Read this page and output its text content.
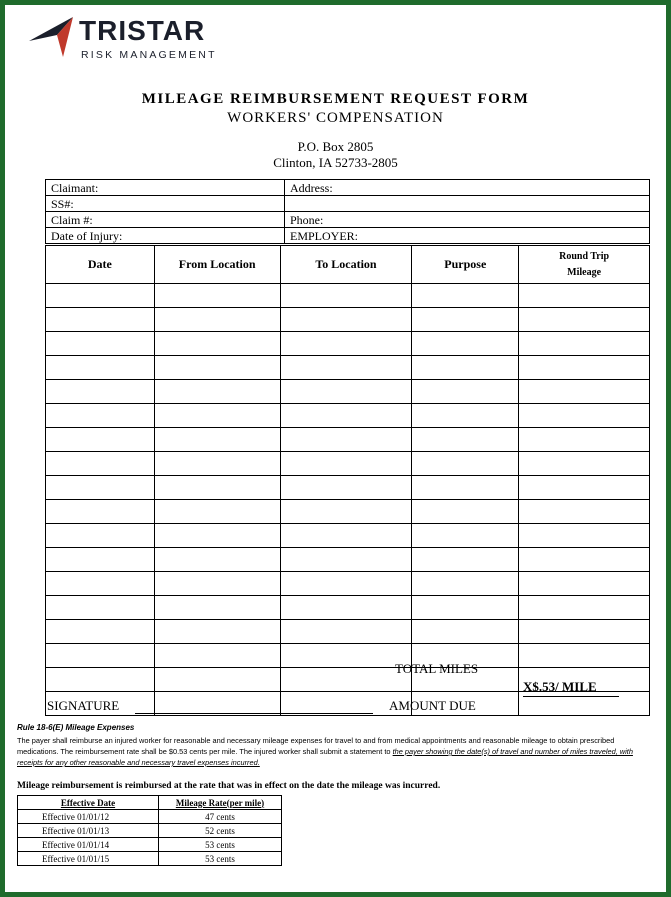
TRISTAR
RISK MANAGEMENT
MILEAGE REIMBURSEMENT REQUEST FORM
WORKERS' COMPENSATION
P.O. Box 2805
Clinton, IA 52733-2805
Claimant:	Address:
SS#:	
Claim #:	Phone:
Date of Injury:	EMPLOYER:
Date	From Location	To Location	Purpose	Round Trip
Mileage

TOTAL MILES
X$.53/ MILE
SIGNATURE	AMOUNT DUE
Rule 18-6(E) Mileage Expenses
The payer shall reimburse an injured worker for reasonable and necessary mileage expenses for travel to and from medical appointments and reasonable mileage to obtain prescribed medications. The reimbursement rate shall be $0.53 cents per mile. The injured worker shall submit a statement to the payer showing the date(s) of travel and number of miles traveled, with receipts for any other reasonable and necessary travel expenses incurred.
Mileage reimbursement is reimbursed at the rate that was in effect on the date the mileage was incurred.
Effective Date	Mileage Rate(per mile)
Effective 01/01/12	47 cents
Effective 01/01/13	52 cents
Effective 01/01/14	53 cents
Effective 01/01/15	53 cents
